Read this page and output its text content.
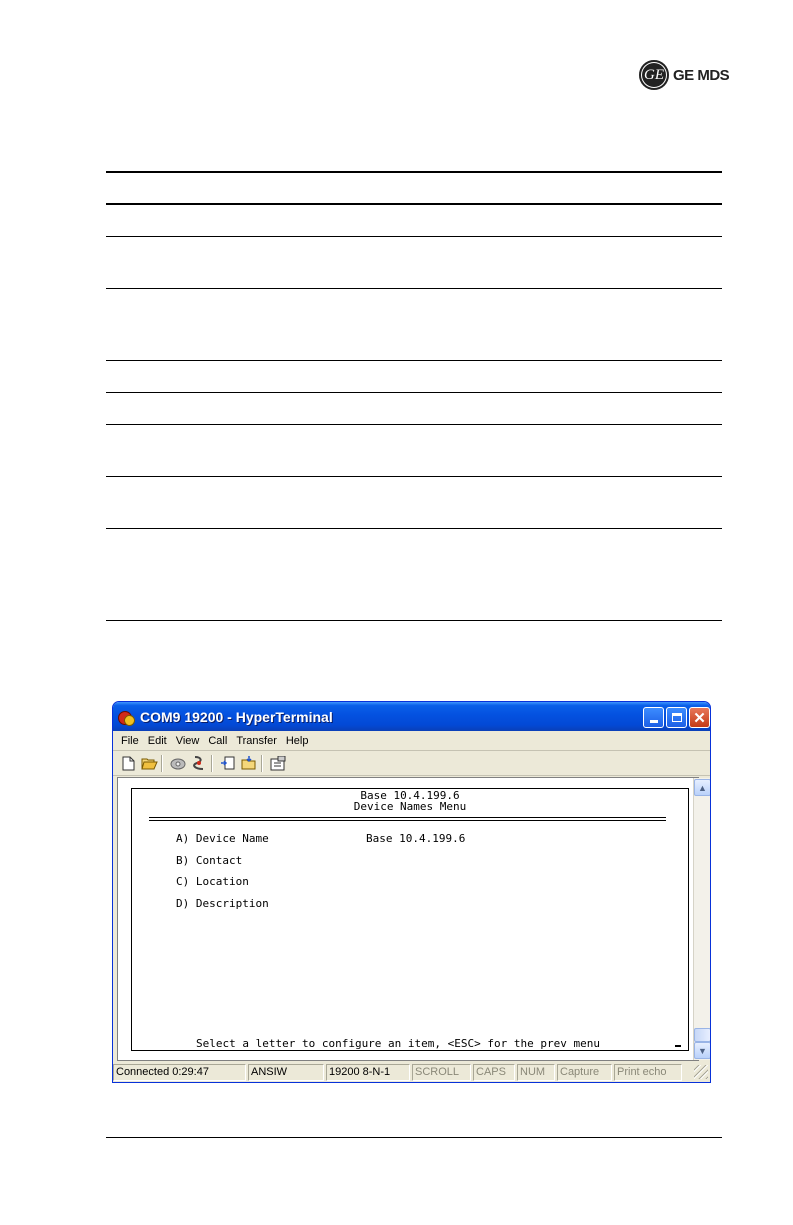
GE GE MDS
COM9 19200 - HyperTerminal	✕
File Edit View Call Transfer Help
Base 10.4.199.6
Device Names Menu
A) Device Name	Base 10.4.199.6
B) Contact
C) Location
D) Description
Select a letter to configure an item, <ESC> for the prev menu
▲
▼
Connected 0:29:47	ANSIW	19200 8-N-1	SCROLL	CAPS	NUM	Capture	Print echo
